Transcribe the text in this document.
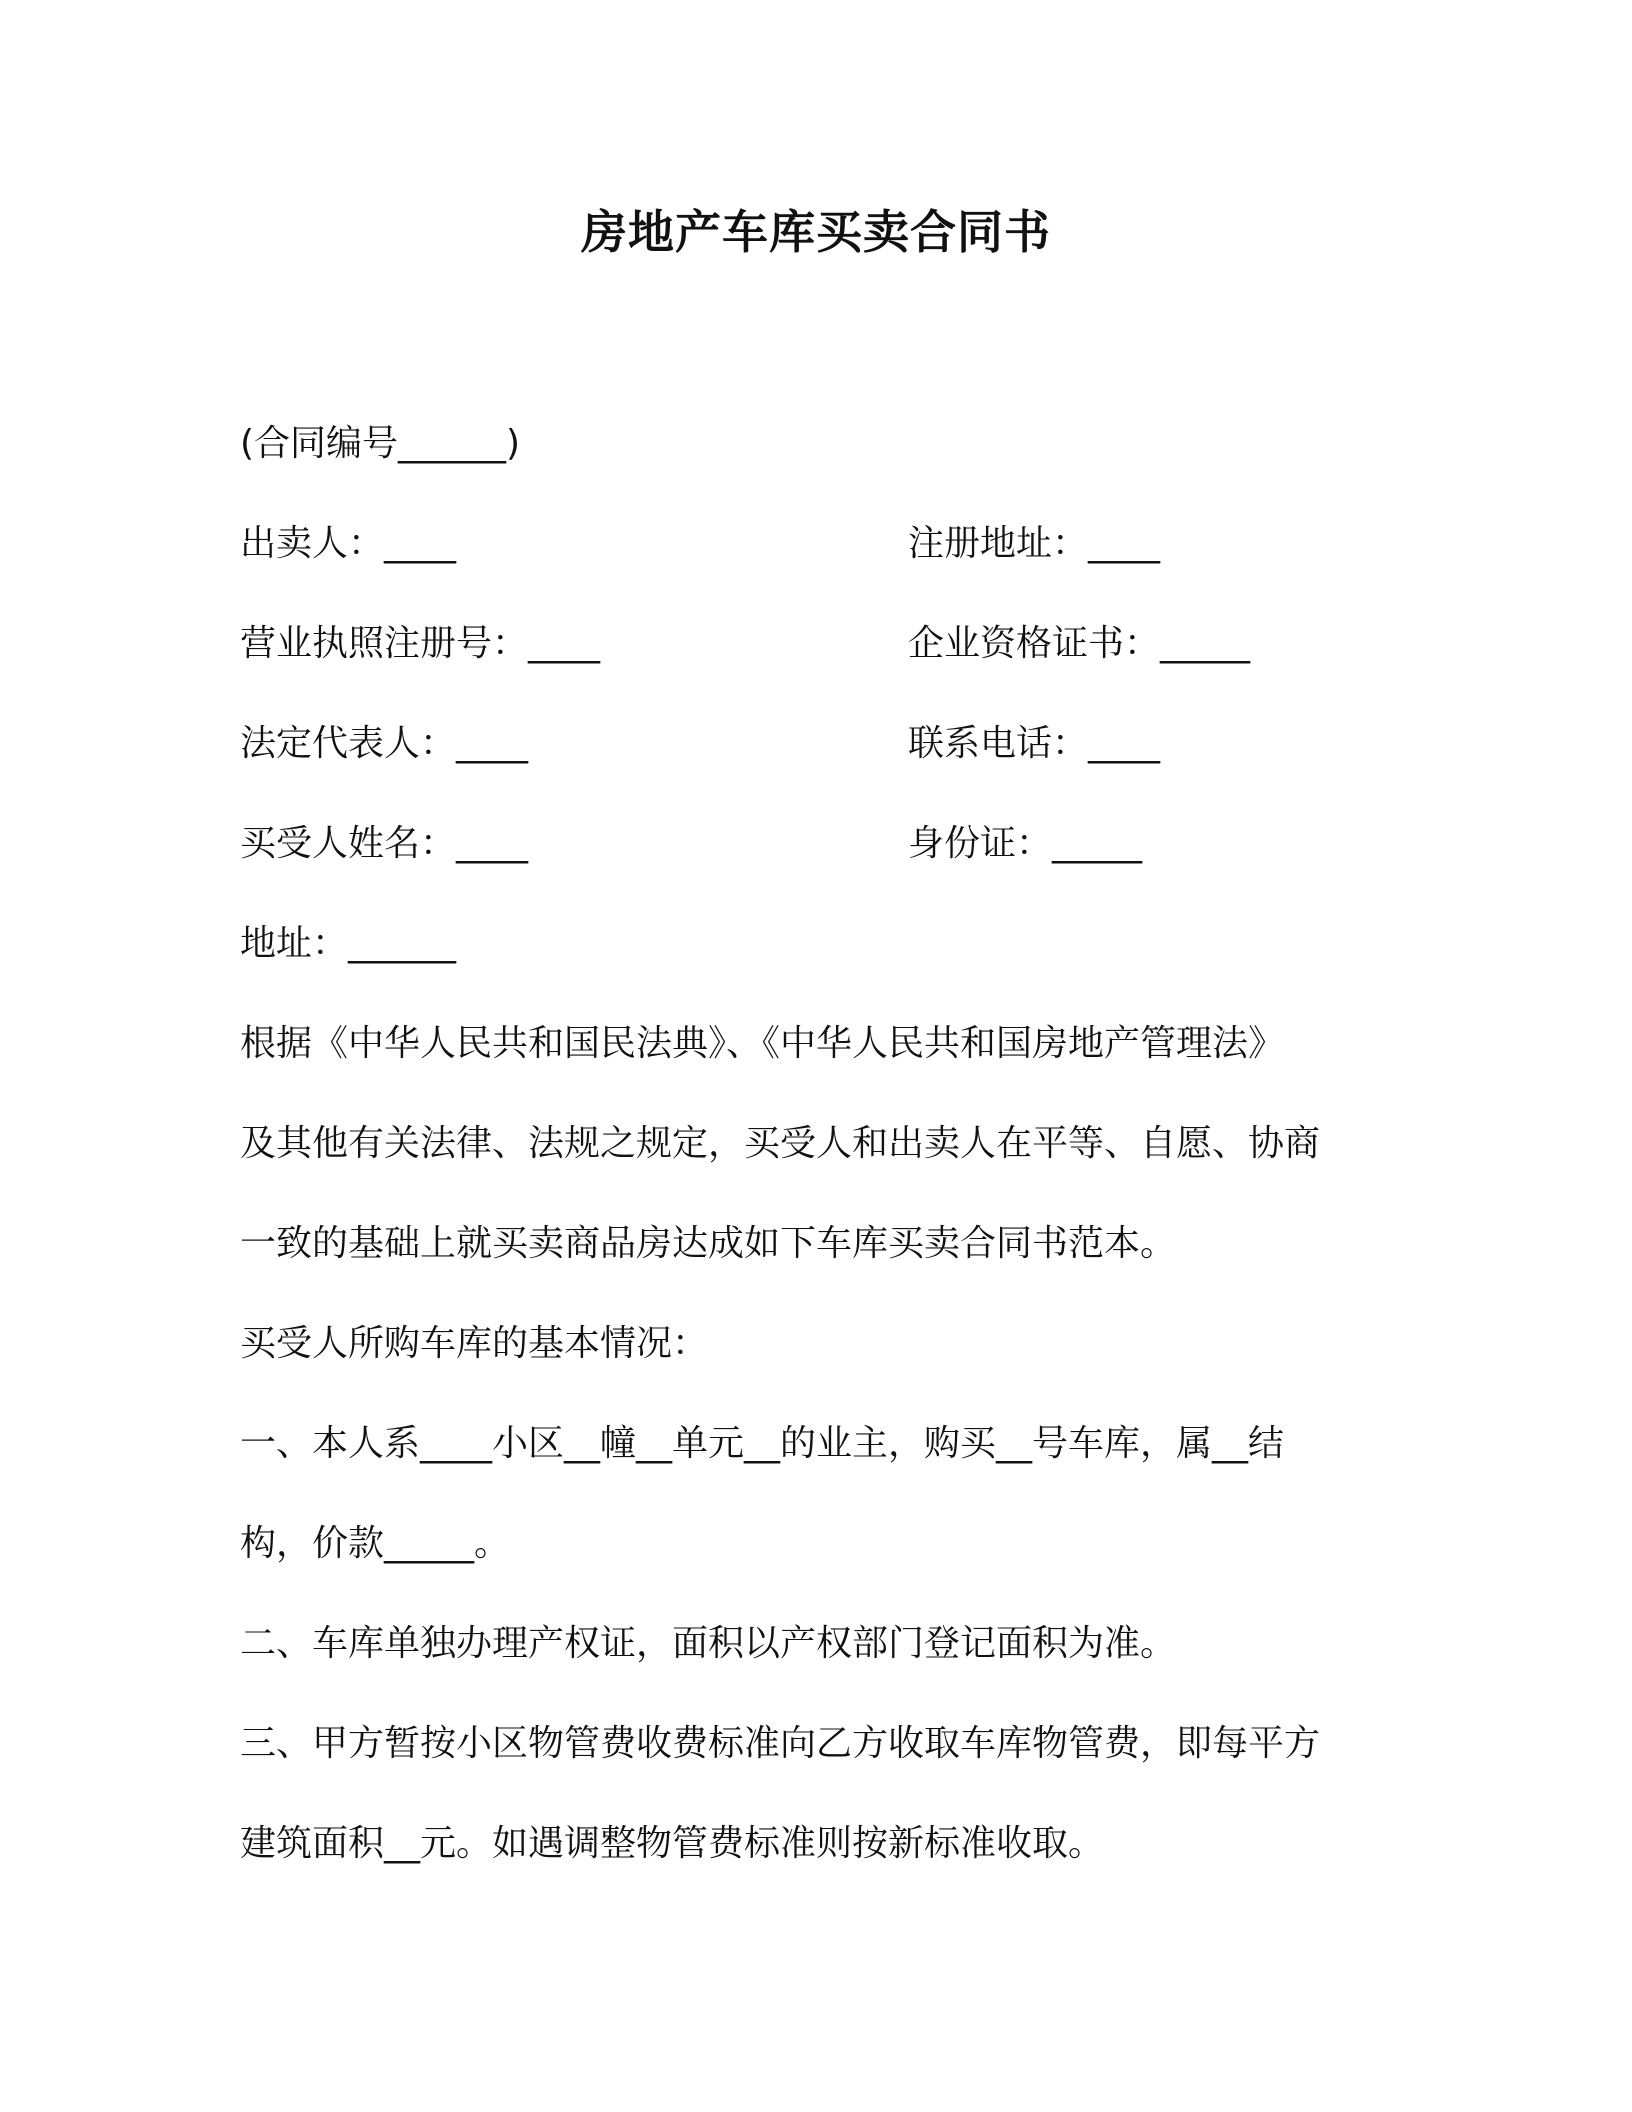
房地产车库买卖合同书
(合同编号______)
出卖人：____	注册地址：____
营业执照注册号：____	企业资格证书：_____
法定代表人：____	联系电话：____
买受人姓名：____	身份证：_____
地址：______
根据《中华人民共和国民法典》、《中华人民共和国房地产管理法》
及其他有关法律、法规之规定，买受人和出卖人在平等、自愿、协商
一致的基础上就买卖商品房达成如下车库买卖合同书范本。
买受人所购车库的基本情况：
一、本人系____小区__幢__单元__的业主，购买__号车库，属__结
构，价款_____。
二、车库单独办理产权证，面积以产权部门登记面积为准。
三、甲方暂按小区物管费收费标准向乙方收取车库物管费，即每平方
建筑面积__元。如遇调整物管费标准则按新标准收取。
